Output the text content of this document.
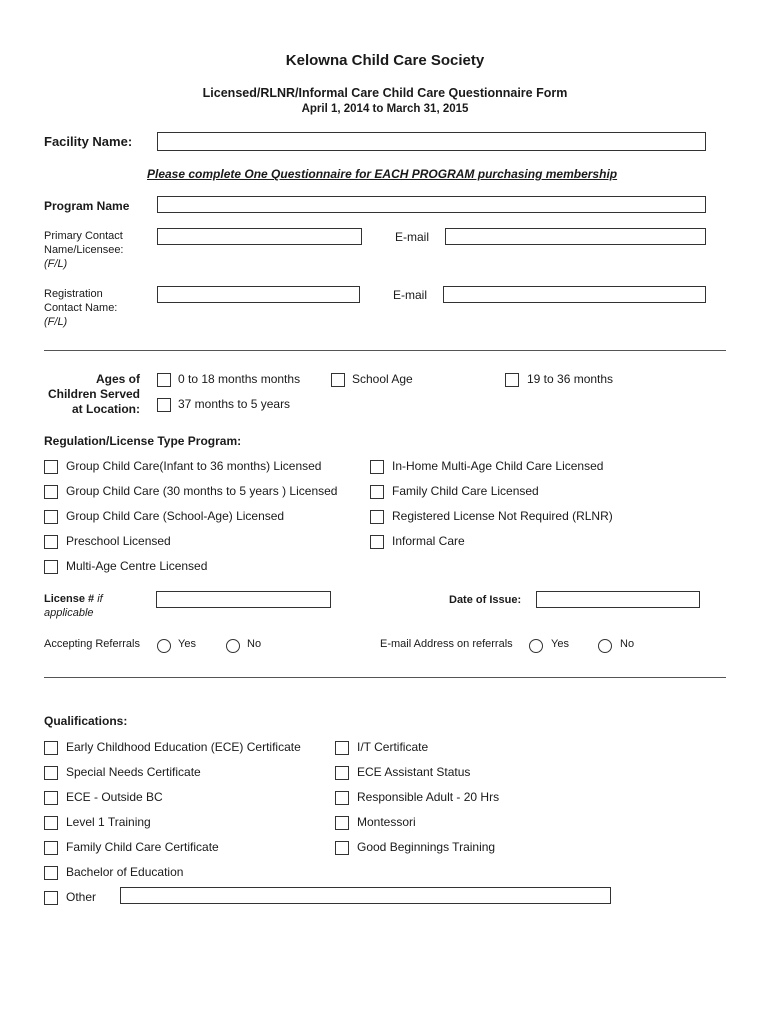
Kelowna Child Care Society
Licensed/RLNR/Informal Care Child Care Questionnaire Form
April 1, 2014 to March 31, 2015
Facility Name:
Please complete One Questionnaire for EACH PROGRAM purchasing membership
Program Name
Primary Contact
Name/Licensee:
(F/L)
E-mail
Registration
Contact Name:
(F/L)
E-mail
Ages of
Children Served
at Location:
0 to 18 months months	School Age	19 to 36 months
37 months to 5 years
Regulation/License Type Program:
Group Child Care(Infant to 36 months) Licensed
Group Child Care (30 months to 5 years ) Licensed
Group Child Care (School-Age) Licensed
Preschool Licensed
Multi-Age Centre Licensed
In-Home Multi-Age Child Care Licensed
Family Child Care Licensed
Registered License Not Required (RLNR)
Informal Care
License # if
applicable
Date of Issue:
Accepting Referrals	Yes	No	E-mail Address on referrals	Yes	No
Qualifications:
Early Childhood Education (ECE) Certificate
Special Needs Certificate
ECE - Outside BC
Level 1 Training
Family Child Care Certificate
Bachelor of Education
Other
I/T Certificate
ECE Assistant Status
Responsible Adult - 20 Hrs
Montessori
Good Beginnings Training
